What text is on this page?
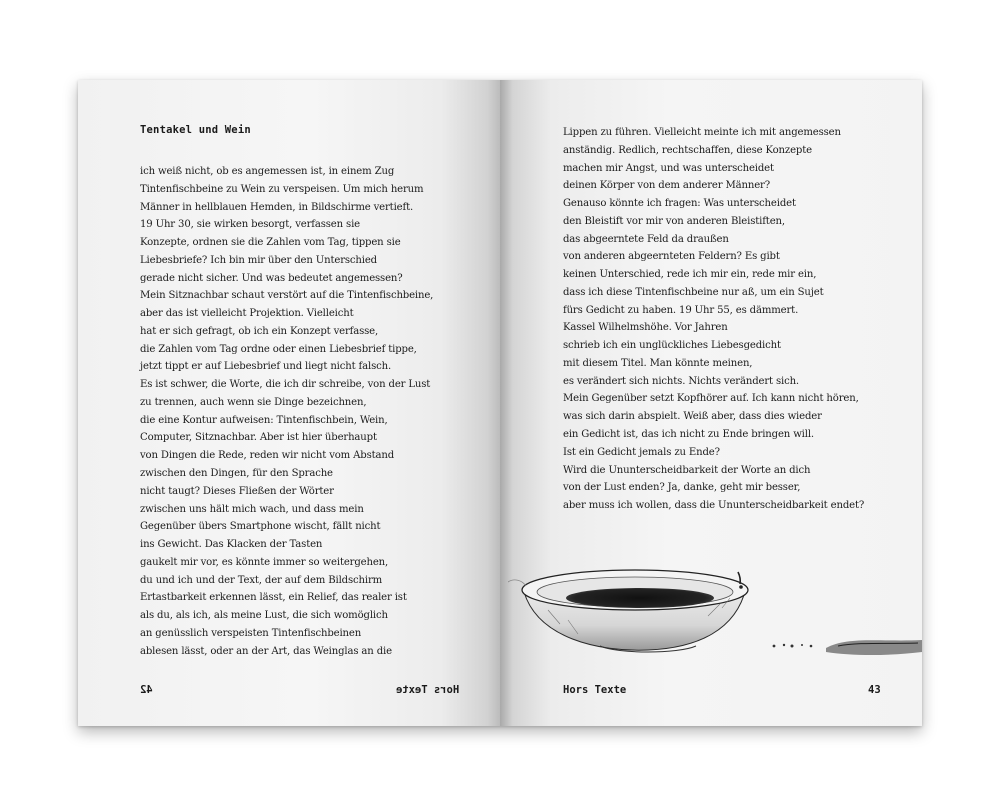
Tentakel und Wein
ich weiß nicht, ob es angemessen ist, in einem Zug
Tintenfischbeine zu Wein zu verspeisen. Um mich herum
Männer in hellblauen Hemden, in Bildschirme vertieft.
19 Uhr 30, sie wirken besorgt, verfassen sie
Konzepte, ordnen sie die Zahlen vom Tag, tippen sie
Liebesbriefe? Ich bin mir über den Unterschied
gerade nicht sicher. Und was bedeutet angemessen?
Mein Sitznachbar schaut verstört auf die Tintenfischbeine,
aber das ist vielleicht Projektion. Vielleicht
hat er sich gefragt, ob ich ein Konzept verfasse,
die Zahlen vom Tag ordne oder einen Liebesbrief tippe,
jetzt tippt er auf Liebesbrief und liegt nicht falsch.
Es ist schwer, die Worte, die ich dir schreibe, von der Lust
zu trennen, auch wenn sie Dinge bezeichnen,
die eine Kontur aufweisen: Tintenfischbein, Wein,
Computer, Sitznachbar. Aber ist hier überhaupt
von Dingen die Rede, reden wir nicht vom Abstand
zwischen den Dingen, für den Sprache
nicht taugt? Dieses Fließen der Wörter
zwischen uns hält mich wach, und dass mein
Gegenüber übers Smartphone wischt, fällt nicht
ins Gewicht. Das Klacken der Tasten
gaukelt mir vor, es könnte immer so weitergehen,
du und ich und der Text, der auf dem Bildschirm
Ertastbarkeit erkennen lässt, ein Relief, das realer ist
als du, als ich, als meine Lust, die sich womöglich
an genüsslich verspeisten Tintenfischbeinen
ablesen lässt, oder an der Art, das Weinglas an die
42	Hors Texte
Lippen zu führen. Vielleicht meinte ich mit angemessen
anständig. Redlich, rechtschaffen, diese Konzepte
machen mir Angst, und was unterscheidet
deinen Körper von dem anderer Männer?
Genauso könnte ich fragen: Was unterscheidet
den Bleistift vor mir von anderen Bleistiften,
das abgeerntete Feld da draußen
von anderen abgeernteten Feldern? Es gibt
keinen Unterschied, rede ich mir ein, rede mir ein,
dass ich diese Tintenfischbeine nur aß, um ein Sujet
fürs Gedicht zu haben. 19 Uhr 55, es dämmert.
Kassel Wilhelmshöhe. Vor Jahren
schrieb ich ein unglückliches Liebesgedicht
mit diesem Titel. Man könnte meinen,
es verändert sich nichts. Nichts verändert sich.
Mein Gegenüber setzt Kopfhörer auf. Ich kann nicht hören,
was sich darin abspielt. Weiß aber, dass dies wieder
ein Gedicht ist, das ich nicht zu Ende bringen will.
Ist ein Gedicht jemals zu Ende?
Wird die Ununterscheidbarkeit der Worte an dich
von der Lust enden? Ja, danke, geht mir besser,
aber muss ich wollen, dass die Ununterscheidbarkeit endet?
Hors Texte	43
